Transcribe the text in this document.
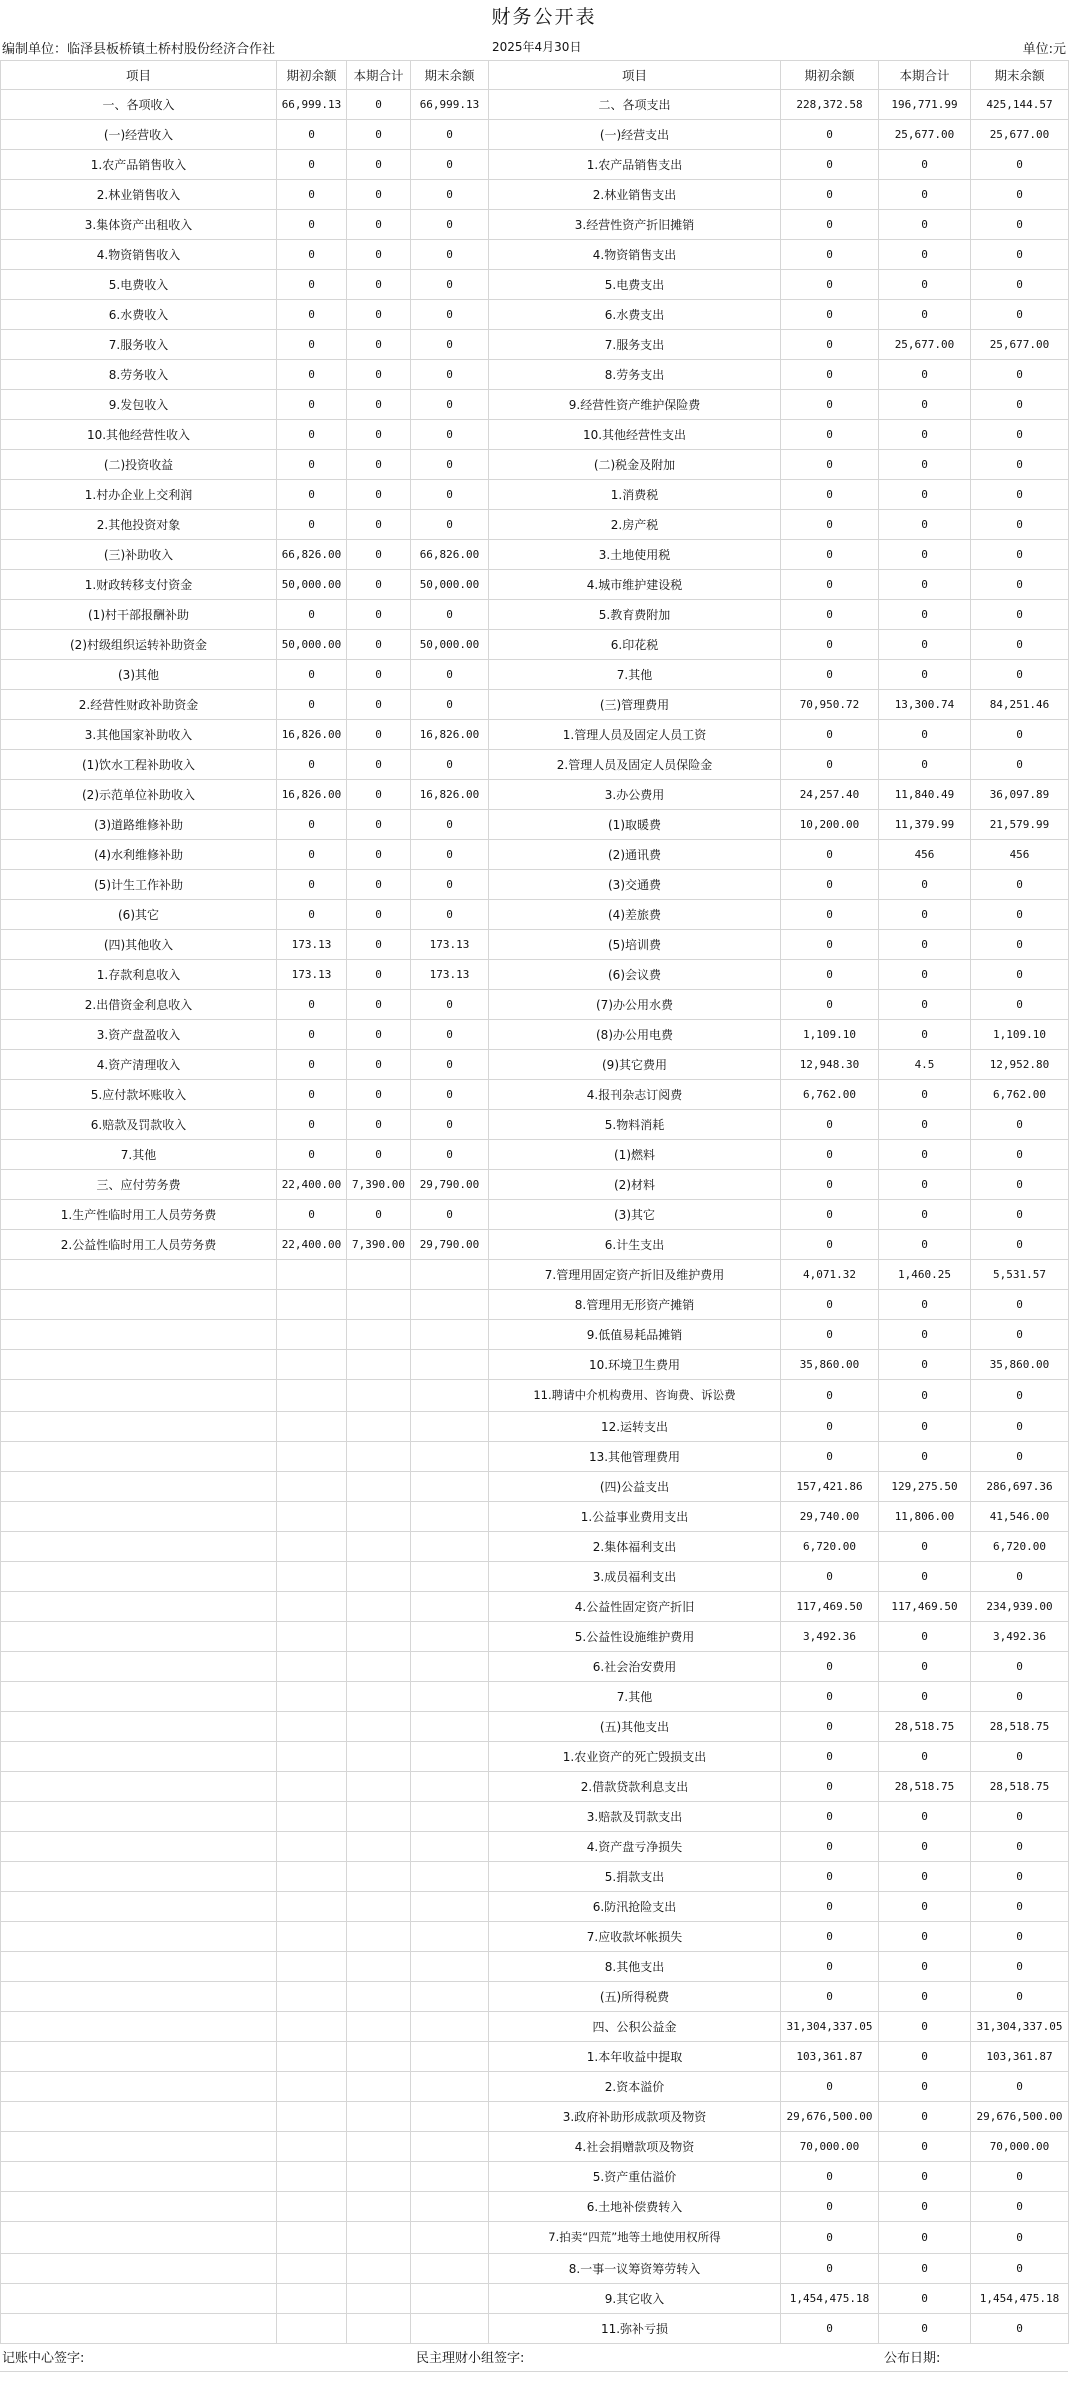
财务公开表
编制单位：临泽县板桥镇土桥村股份经济合作社	2025年4月30日	单位:元
项目	期初余额	本期合计	期末余额	项目	期初余额	本期合计	期末余额
一、各项收入	66,999.13	0	66,999.13	二、各项支出	228,372.58	196,771.99	425,144.57
(一)经营收入	0	0	0	(一)经营支出	0	25,677.00	25,677.00
1.农产品销售收入	0	0	0	1.农产品销售支出	0	0	0
2.林业销售收入	0	0	0	2.林业销售支出	0	0	0
3.集体资产出租收入	0	0	0	3.经营性资产折旧摊销	0	0	0
4.物资销售收入	0	0	0	4.物资销售支出	0	0	0
5.电费收入	0	0	0	5.电费支出	0	0	0
6.水费收入	0	0	0	6.水费支出	0	0	0
7.服务收入	0	0	0	7.服务支出	0	25,677.00	25,677.00
8.劳务收入	0	0	0	8.劳务支出	0	0	0
9.发包收入	0	0	0	9.经营性资产维护保险费	0	0	0
10.其他经营性收入	0	0	0	10.其他经营性支出	0	0	0
(二)投资收益	0	0	0	(二)税金及附加	0	0	0
1.村办企业上交利润	0	0	0	1.消费税	0	0	0
2.其他投资对象	0	0	0	2.房产税	0	0	0
(三)补助收入	66,826.00	0	66,826.00	3.土地使用税	0	0	0
1.财政转移支付资金	50,000.00	0	50,000.00	4.城市维护建设税	0	0	0
(1)村干部报酬补助	0	0	0	5.教育费附加	0	0	0
(2)村级组织运转补助资金	50,000.00	0	50,000.00	6.印花税	0	0	0
(3)其他	0	0	0	7.其他	0	0	0
2.经营性财政补助资金	0	0	0	(三)管理费用	70,950.72	13,300.74	84,251.46
3.其他国家补助收入	16,826.00	0	16,826.00	1.管理人员及固定人员工资	0	0	0
(1)饮水工程补助收入	0	0	0	2.管理人员及固定人员保险金	0	0	0
(2)示范单位补助收入	16,826.00	0	16,826.00	3.办公费用	24,257.40	11,840.49	36,097.89
(3)道路维修补助	0	0	0	(1)取暖费	10,200.00	11,379.99	21,579.99
(4)水利维修补助	0	0	0	(2)通讯费	0	456	456
(5)计生工作补助	0	0	0	(3)交通费	0	0	0
(6)其它	0	0	0	(4)差旅费	0	0	0
(四)其他收入	173.13	0	173.13	(5)培训费	0	0	0
1.存款利息收入	173.13	0	173.13	(6)会议费	0	0	0
2.出借资金利息收入	0	0	0	(7)办公用水费	0	0	0
3.资产盘盈收入	0	0	0	(8)办公用电费	1,109.10	0	1,109.10
4.资产清理收入	0	0	0	(9)其它费用	12,948.30	4.5	12,952.80
5.应付款坏账收入	0	0	0	4.报刊杂志订阅费	6,762.00	0	6,762.00
6.赔款及罚款收入	0	0	0	5.物料消耗	0	0	0
7.其他	0	0	0	(1)燃料	0	0	0
三、应付劳务费	22,400.00	7,390.00	29,790.00	(2)材料	0	0	0
1.生产性临时用工人员劳务费	0	0	0	(3)其它	0	0	0
2.公益性临时用工人员劳务费	22,400.00	7,390.00	29,790.00	6.计生支出	0	0	0
				7.管理用固定资产折旧及维护费用	4,071.32	1,460.25	5,531.57
				8.管理用无形资产摊销	0	0	0
				9.低值易耗品摊销	0	0	0
				10.环境卫生费用	35,860.00	0	35,860.00
				11.聘请中介机构费用、咨询费、诉讼费	0	0	0
				12.运转支出	0	0	0
				13.其他管理费用	0	0	0
				(四)公益支出	157,421.86	129,275.50	286,697.36
				1.公益事业费用支出	29,740.00	11,806.00	41,546.00
				2.集体福利支出	6,720.00	0	6,720.00
				3.成员福利支出	0	0	0
				4.公益性固定资产折旧	117,469.50	117,469.50	234,939.00
				5.公益性设施维护费用	3,492.36	0	3,492.36
				6.社会治安费用	0	0	0
				7.其他	0	0	0
				(五)其他支出	0	28,518.75	28,518.75
				1.农业资产的死亡毁损支出	0	0	0
				2.借款贷款利息支出	0	28,518.75	28,518.75
				3.赔款及罚款支出	0	0	0
				4.资产盘亏净损失	0	0	0
				5.捐款支出	0	0	0
				6.防汛抢险支出	0	0	0
				7.应收款坏帐损失	0	0	0
				8.其他支出	0	0	0
				(五)所得税费	0	0	0
				四、公积公益金	31,304,337.05	0	31,304,337.05
				1.本年收益中提取	103,361.87	0	103,361.87
				2.资本溢价	0	0	0
				3.政府补助形成款项及物资	29,676,500.00	0	29,676,500.00
				4.社会捐赠款项及物资	70,000.00	0	70,000.00
				5.资产重估溢价	0	0	0
				6.土地补偿费转入	0	0	0
				7.拍卖“四荒”地等土地使用权所得	0	0	0
				8.一事一议筹资筹劳转入	0	0	0
				9.其它收入	1,454,475.18	0	1,454,475.18
				11.弥补亏损	0	0	0
记账中心签字:	民主理财小组签字:	公布日期:
